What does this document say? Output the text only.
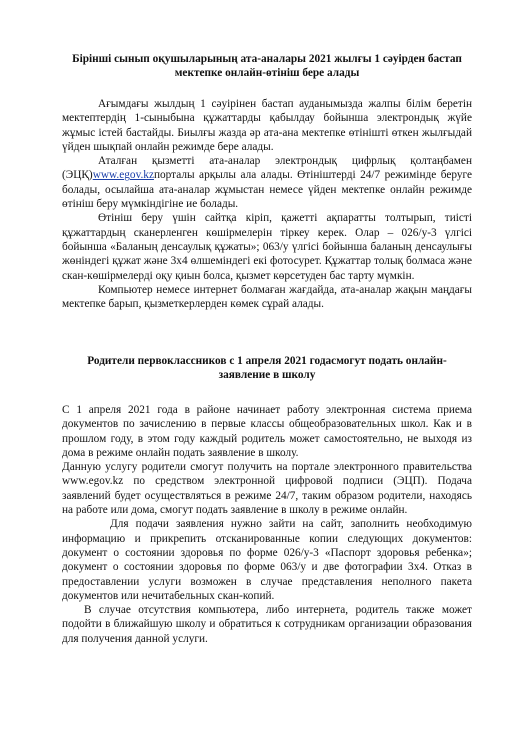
Бірінші сынып оқушыларының ата-аналары 2021 жылғы 1 сәуірден бастап мектепке онлайн-өтініш бере алады

Ағымдағы жылдың 1 сәуірінен бастап ауданымызда жалпы білім беретін мектептердің 1-сыныбына құжаттарды қабылдау бойынша электрондық жүйе жұмыс істей бастайды. Биылғы жазда әр ата-ана мектепке өтінішті өткен жылғыдай үйден шықпай онлайн режимде бере алады.

Аталған қызметті ата-аналар электрондық цифрлық қолтаңбамен (ЭЦҚ)www.egov.kzпорталы арқылы ала алады. Өтініштерді 24/7 режимінде беруге болады, осылайша ата-аналар жұмыстан немесе үйден мектепке онлайн режимде өтініш беру мүмкіндігіне ие болады.

Өтініш беру үшін сайтқа кіріп, қажетті ақпаратты толтырып, тиісті құжаттардың сканерленген көшірмелерін тіркеу керек. Олар – 026/у-3 үлгісі бойынша «Баланың денсаулық құжаты»; 063/у үлгісі бойынша баланың денсаулығы жөніндегі құжат және 3х4 өлшеміндегі екі фотосурет. Құжаттар толық болмаса және скан-көшірмелерді оқу қиын болса, қызмет көрсетуден бас тарту мүмкін.

Компьютер немесе интернет болмаған жағдайда, ата-аналар жақын маңдағы мектепке барып, қызметкерлерден көмек сұрай алады.

Родители первоклассников с 1 апреля 2021 годасмогут подать онлайн-заявление в школу

С 1 апреля 2021 года в районе начинает работу электронная система приема документов по зачислению в первые классы общеобразовательных школ. Как и в прошлом году, в этом году каждый родитель может самостоятельно, не выходя из дома в режиме онлайн подать заявление в школу.

Данную услугу родители смогут получить на портале электронного правительства www.egov.kz по средством электронной цифровой подписи (ЭЦП). Подача заявлений будет осуществляться в режиме 24/7, таким образом родители, находясь на работе или дома, смогут подать заявление в школу в режиме онлайн.

Для подачи заявления нужно зайти на сайт, заполнить необходимую информацию и прикрепить отсканированные копии следующих документов: документ о состоянии здоровья по форме 026/у-3 «Паспорт здоровья ребенка»; документ о состоянии здоровья по форме 063/у и две фотографии 3х4. Отказ в предоставлении услуги возможен в случае представления неполного пакета документов или нечитабельных скан-копий.

В случае отсутствия компьютера, либо интернета, родитель также может подойти в ближайшую школу и обратиться к сотрудникам организации образования для получения данной услуги.
